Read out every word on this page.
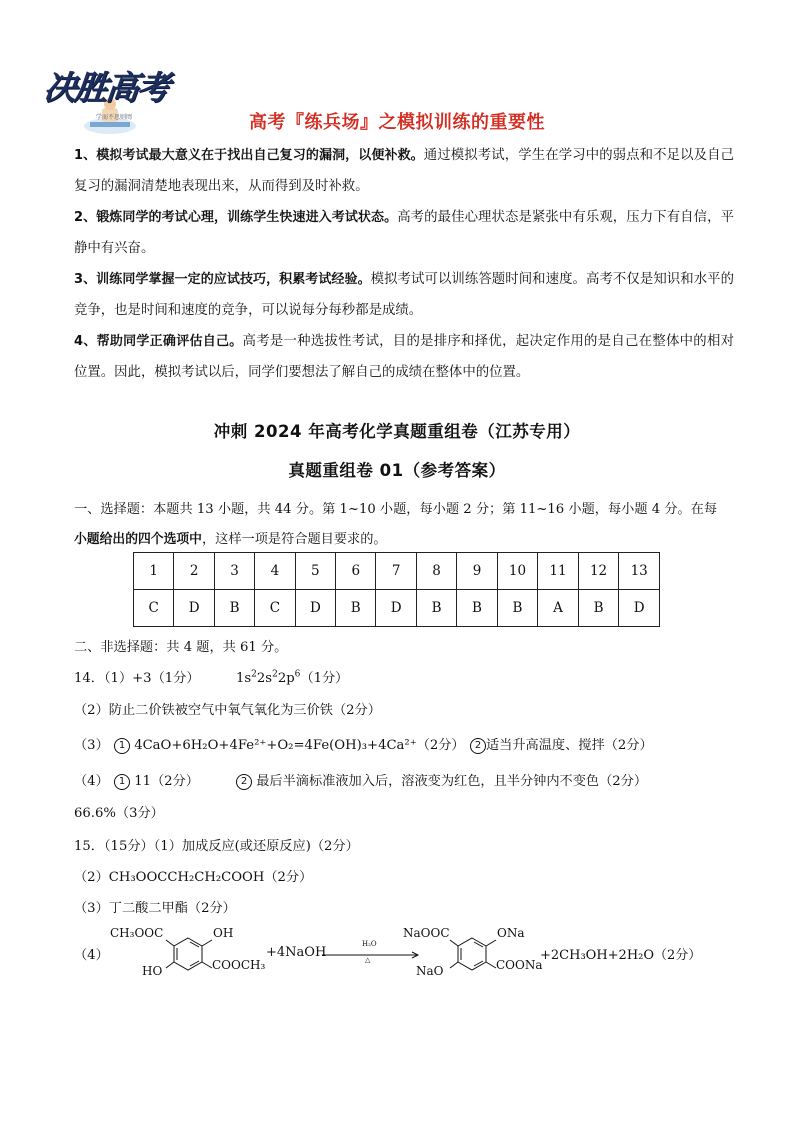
决胜高考
学而不思则罔	高考『练兵场』之模拟训练的重要性
1、模拟考试最大意义在于找出自己复习的漏洞，以便补救。通过模拟考试，学生在学习中的弱点和不足以及自己复习的漏洞清楚地表现出来，从而得到及时补救。
2、锻炼同学的考试心理，训练学生快速进入考试状态。高考的最佳心理状态是紧张中有乐观，压力下有自信，平静中有兴奋。
3、训练同学掌握一定的应试技巧，积累考试经验。模拟考试可以训练答题时间和速度。高考不仅是知识和水平的竞争，也是时间和速度的竞争，可以说每分每秒都是成绩。
4、帮助同学正确评估自己。高考是一种选拔性考试，目的是排序和择优，起决定作用的是自己在整体中的相对位置。因此，模拟考试以后，同学们要想法了解自己的成绩在整体中的位置。
冲刺 2024 年高考化学真题重组卷（江苏专用）
真题重组卷 01（参考答案）
一、选择题：本题共 13 小题，共 44 分。第 1~10 小题，每小题 2 分；第 11~16 小题，每小题 4 分。在每
小题给出的四个选项中，这样一项是符合题目要求的。
1	2	3	4	5	6	7	8	9	10	11	12	13
C	D	B	C	D	B	D	B	B	B	A	B	D
二、非选择题：共 4 题，共 61 分。
14．（1）+3（1分）	$1s^22s^22p^6(1$分）
（2）防止二价铁被空气中氧气氧化为三价铁（2分）
（3）	1 4CaO+6H₂O+4Fe²⁺+O₂=4Fe(OH)₃+4Ca²⁺（2分）	2 适当升高温度、搅拌（2分）
（4）	1 11（2分）	2 最后半滴标准液加入后，溶液变为红色，且半分钟内不变色（2分）
66.6%（3分）
15．（15分）（1）加成反应(或还原反应)（2分）
（2）CH₃OOCCH₂CH₂COOH（2分）
（3）丁二酸二甲酯（2分）
（4）
CH₃OOC	OH
HO	COOCH₃
+4NaOH
H₂O
△
NaOOC	ONa
NaO	COONa
+2CH₃OH+2H₂O（2分）
